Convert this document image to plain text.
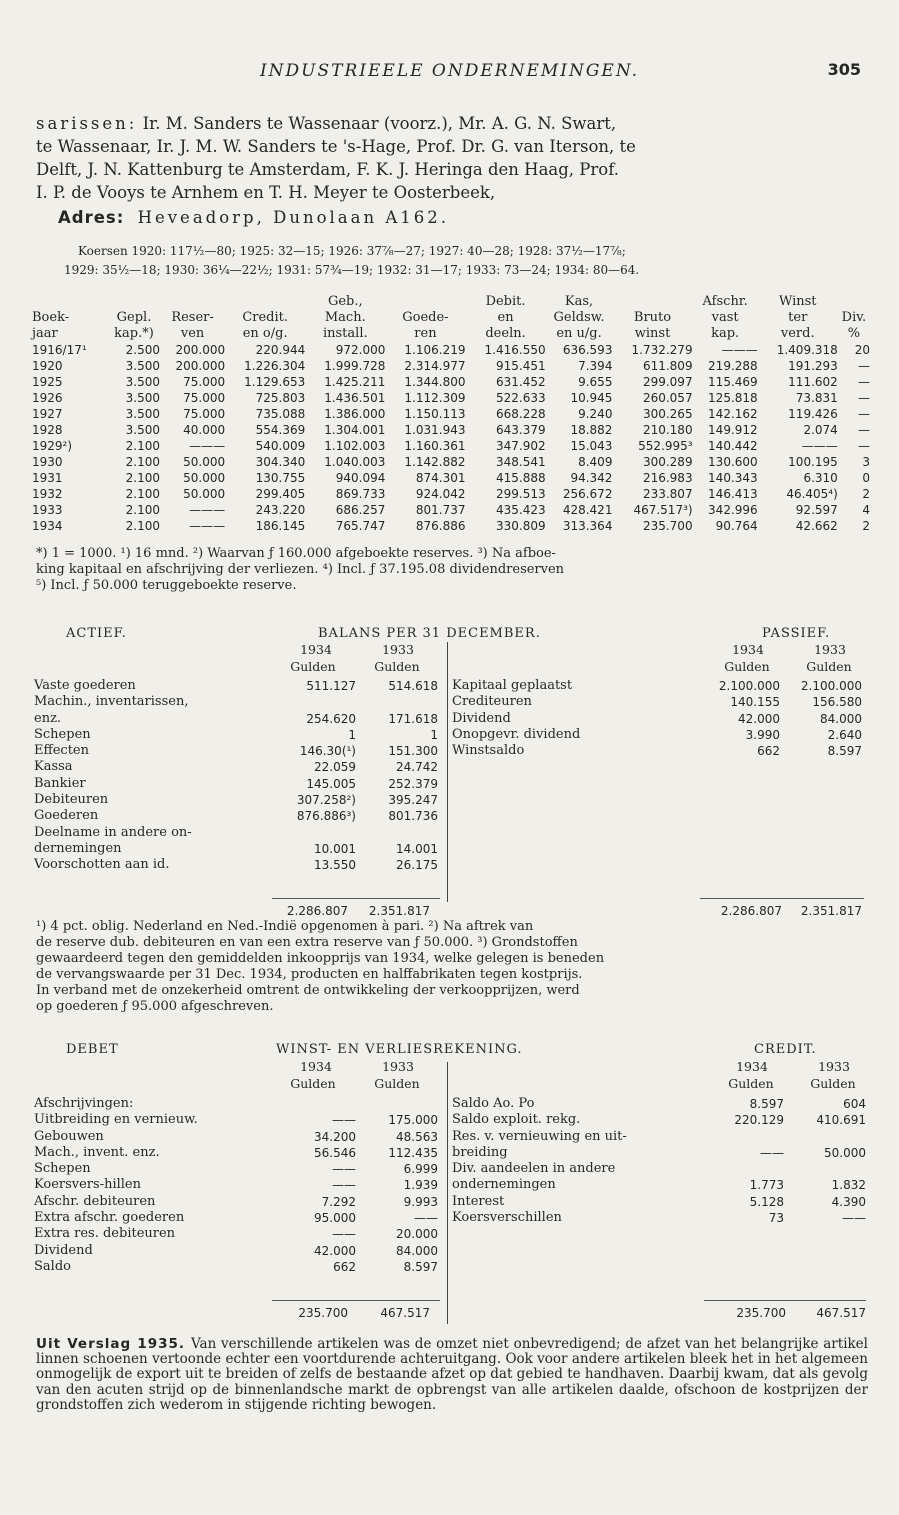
INDUSTRIEELE ONDERNEMINGEN.	305
sarissen: Ir. M. Sanders te Wassenaar (voorz.), Mr. A. G. N. Swart,
te Wassenaar, Ir. J. M. W. Sanders te 's-Hage, Prof. Dr. G. van Iterson, te
Delft, J. N. Kattenburg te Amsterdam, F. K. J. Heringa den Haag, Prof.
I. P. de Vooys te Arnhem en T. H. Meyer te Oosterbeek,
Adres: Heveadorp, Dunolaan A162.
Koersen 1920: 117½—80; 1925: 32—15; 1926: 37⅞—27; 1927: 40—28; 1928: 37½—17⅞;
1929: 35½—18; 1930: 36¼—22½; 1931: 57¾—19; 1932: 31—17; 1933: 73—24; 1934: 80—64.
				Geb.,		Debit.	Kas,		Afschr.	Winst	
Boek-	Gepl.	Reser-	Credit.	Mach.	Goede-	en	Geldsw.	Bruto	vast	ter	Div.
jaar	kap.*)	ven	en o/g.	install.	ren	deeln.	en u/g.	winst	kap.	verd.	%
1916/17¹	2.500	200.000	220.944	972.000	1.106.219	1.416.550	636.593	1.732.279	———	1.409.318	20
1920	3.500	200.000	1.226.304	1.999.728	2.314.977	915.451	7.394	611.809	219.288	191.293	—
1925	3.500	75.000	1.129.653	1.425.211	1.344.800	631.452	9.655	299.097	115.469	111.602	—
1926	3.500	75.000	725.803	1.436.501	1.112.309	522.633	10.945	260.057	125.818	73.831	—
1927	3.500	75.000	735.088	1.386.000	1.150.113	668.228	9.240	300.265	142.162	119.426	—
1928	3.500	40.000	554.369	1.304.001	1.031.943	643.379	18.882	210.180	149.912	2.074	—
1929²)	2.100	———	540.009	1.102.003	1.160.361	347.902	15.043	552.995³	140.442	———	—
1930	2.100	50.000	304.340	1.040.003	1.142.882	348.541	8.409	300.289	130.600	100.195	3
1931	2.100	50.000	130.755	940.094	874.301	415.888	94.342	216.983	140.343	6.310	0
1932	2.100	50.000	299.405	869.733	924.042	299.513	256.672	233.807	146.413	46.405⁴)	2
1933	2.100	———	243.220	686.257	801.737	435.423	428.421	467.517³)	342.996	92.597	4
1934	2.100	———	186.145	765.747	876.886	330.809	313.364	235.700	90.764	42.662	2
*) 1 = 1000. ¹) 16 mnd. ²) Waarvan ƒ 160.000 afgeboekte reserves. ³) Na afboe-
king kapitaal en afschrijving der verliezen. ⁴) Incl. ƒ 37.195.08 dividendreserven
⁵) Incl. ƒ 50.000 teruggeboekte reserve.
ACTIEF.	BALANS PER 31 DECEMBER.	PASSIEF.
1934	1933
Gulden	Gulden
1934	1933
Gulden	Gulden
Vaste goederen	511.127	514.618
Machin., inventarissen,		
enz.	254.620	171.618
Schepen	1	1
Effecten	146.30(¹)	151.300
Kassa	22.059	24.742
Bankier	145.005	252.379
Debiteuren	307.258²)	395.247
Goederen	876.886³)	801.736
Deelname in andere on-		
dernemingen	10.001	14.001
Voorschotten aan id.	13.550	26.175
Kapitaal geplaatst	2.100.000	2.100.000
Crediteuren	140.155	156.580
Dividend	42.000	84.000
Onopgevr. dividend	3.990	2.640
Winstsaldo	662	8.597
2.286.807	2.351.817	2.286.807	2.351.817
¹) 4 pct. oblig. Nederland en Ned.-Indië opgenomen à pari. ²) Na aftrek van
de reserve dub. debiteuren en van een extra reserve van ƒ 50.000. ³) Grondstoffen
gewaardeerd tegen den gemiddelden inkoopprijs van 1934, welke gelegen is beneden
de vervangswaarde per 31 Dec. 1934, producten en halffabrikaten tegen kostprijs.
In verband met de onzekerheid omtrent de ontwikkeling der verkoopprijzen, werd
op goederen ƒ 95.000 afgeschreven.
DEBET	WINST- EN VERLIESREKENING.	CREDIT.
1934	1933
Gulden	Gulden
1934	1933
Gulden	Gulden
Afschrijvingen:		
Uitbreiding en vernieuw.	——	175.000
Gebouwen	34.200	48.563
Mach., invent. enz.	56.546	112.435
Schepen	——	6.999
Koersvers-hillen	——	1.939
Afschr. debiteuren	7.292	9.993
Extra afschr. goederen	95.000	——
Extra res. debiteuren	——	20.000
Dividend	42.000	84.000
Saldo	662	8.597
Saldo Ao. Po	8.597	604
Saldo exploit. rekg.	220.129	410.691
Res. v. vernieuwing en uit-		
breiding	——	50.000
Div. aandeelen in andere		
ondernemingen	1.773	1.832
Interest	5.128	4.390
Koersverschillen	73	——
235.700	467.517	235.700	467.517
Uit Verslag 1935. Van verschillende artikelen was de omzet niet onbevredigend; de afzet van het belangrijke artikel linnen schoenen vertoonde echter een voortdurende achteruitgang. Ook voor andere artikelen bleek het in het algemeen onmogelijk de export uit te breiden of zelfs de bestaande afzet op dat gebied te handhaven. Daarbij kwam, dat als gevolg van den acuten strijd op de binnenlandsche markt de opbrengst van alle artikelen daalde, ofschoon de kostprijzen der grondstoffen zich wederom in stijgende richting bewogen.
